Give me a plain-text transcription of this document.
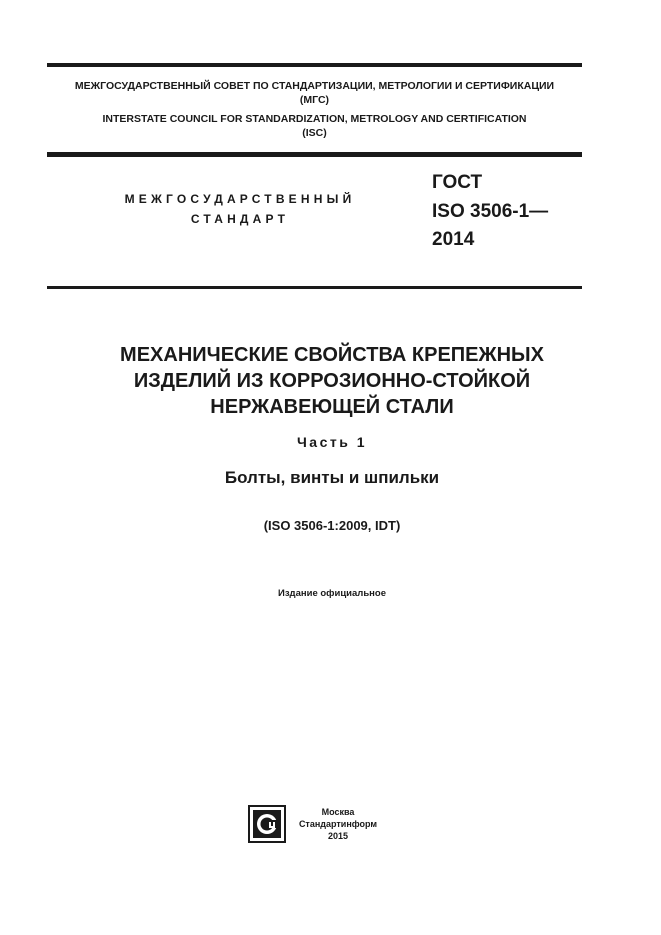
МЕЖГОСУДАРСТВЕННЫЙ СОВЕТ ПО СТАНДАРТИЗАЦИИ, МЕТРОЛОГИИ И СЕРТИФИКАЦИИ
(МГС)
INTERSTATE COUNCIL FOR STANDARDIZATION, METROLOGY AND CERTIFICATION
(ISC)
МЕЖГОСУДАРСТВЕННЫЙ
СТАНДАРТ
ГОСТ
ISO 3506-1—
2014
МЕХАНИЧЕСКИЕ СВОЙСТВА КРЕПЕЖНЫХ
ИЗДЕЛИЙ ИЗ КОРРОЗИОННО-СТОЙКОЙ
НЕРЖАВЕЮЩЕЙ СТАЛИ
Часть 1
Болты, винты и шпильки
(ISO 3506-1:2009, IDT)
Издание официальное
Москва
Стандартинформ
2015
